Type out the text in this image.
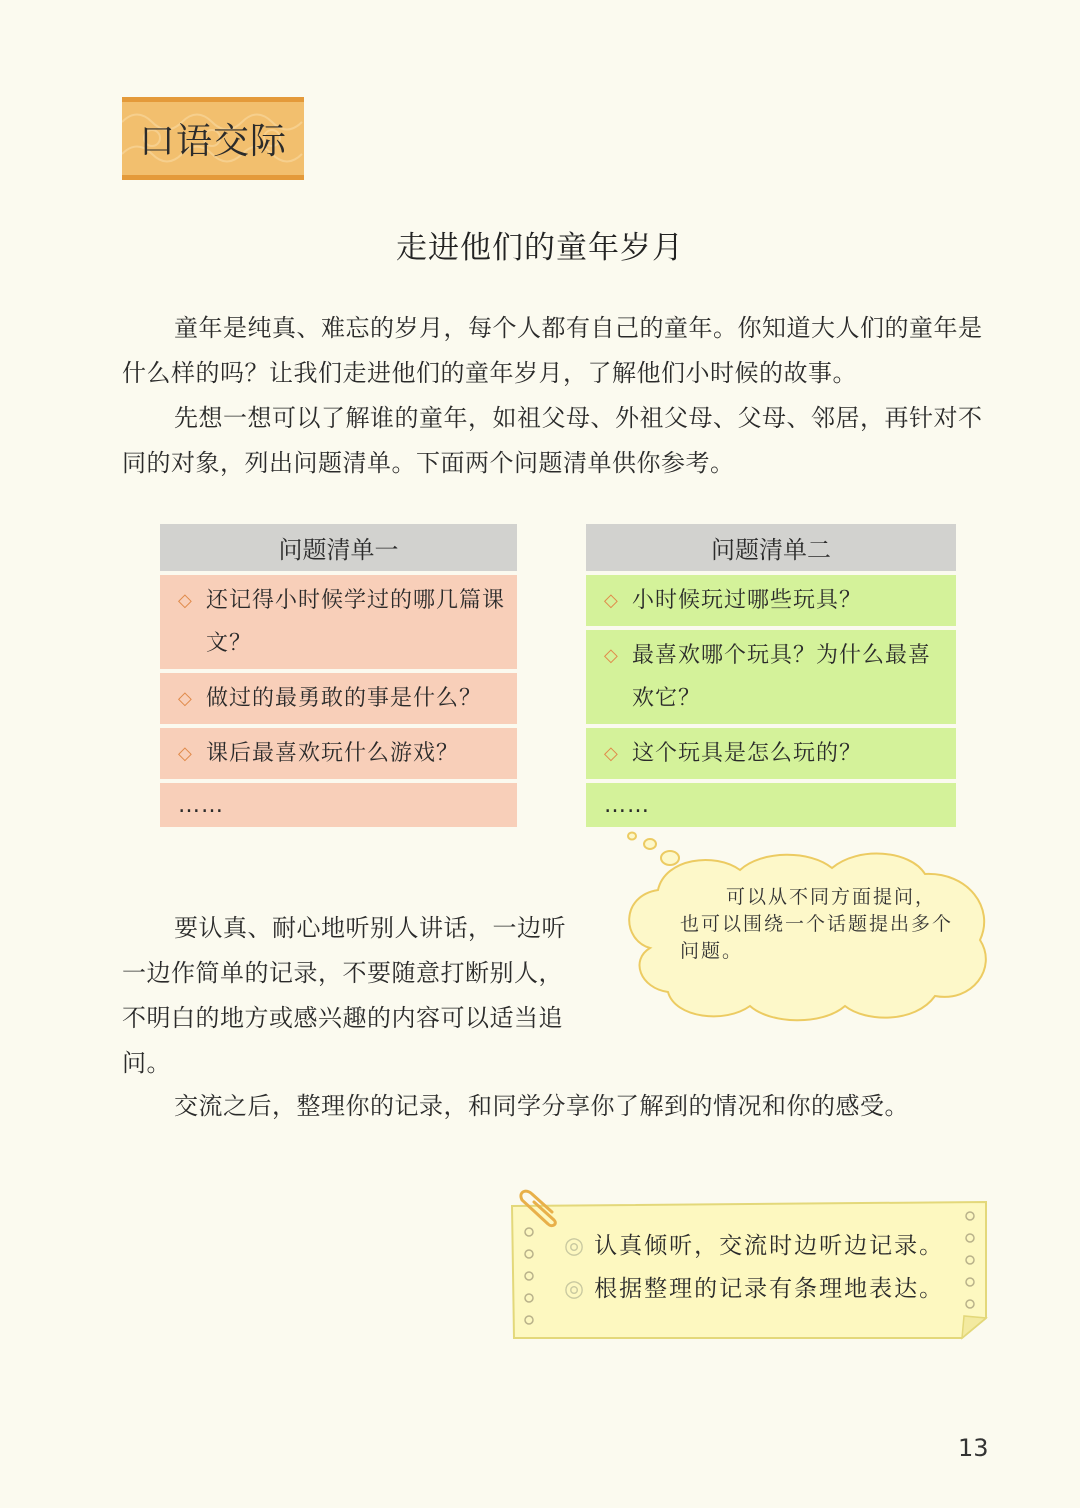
口语交际
走进他们的童年岁月

童年是纯真、难忘的岁月，每个人都有自己的童年。你知道大人们的童年是什么样的吗？让我们走进他们的童年岁月，了解他们小时候的故事。

先想一想可以了解谁的童年，如祖父母、外祖父母、父母、邻居，再针对不同的对象，列出问题清单。下面两个问题清单供你参考。

问题清单一
◇ 还记得小时候学过的哪几篇课文？
◇ 做过的最勇敢的事是什么？
◇ 课后最喜欢玩什么游戏？
……
问题清单二
◇ 小时候玩过哪些玩具？
◇ 最喜欢哪个玩具？为什么最喜欢它？
◇ 这个玩具是怎么玩的？
……
可以从不同方面提问，
也可以围绕一个话题提出多个问题。

要认真、耐心地听别人讲话，一边听一边作简单的记录，不要随意打断别人，不明白的地方或感兴趣的内容可以适当追问。

交流之后，整理你的记录，和同学分享你了解到的情况和你的感受。

◎ 认真倾听，交流时边听边记录。
◎ 根据整理的记录有条理地表达。
13
